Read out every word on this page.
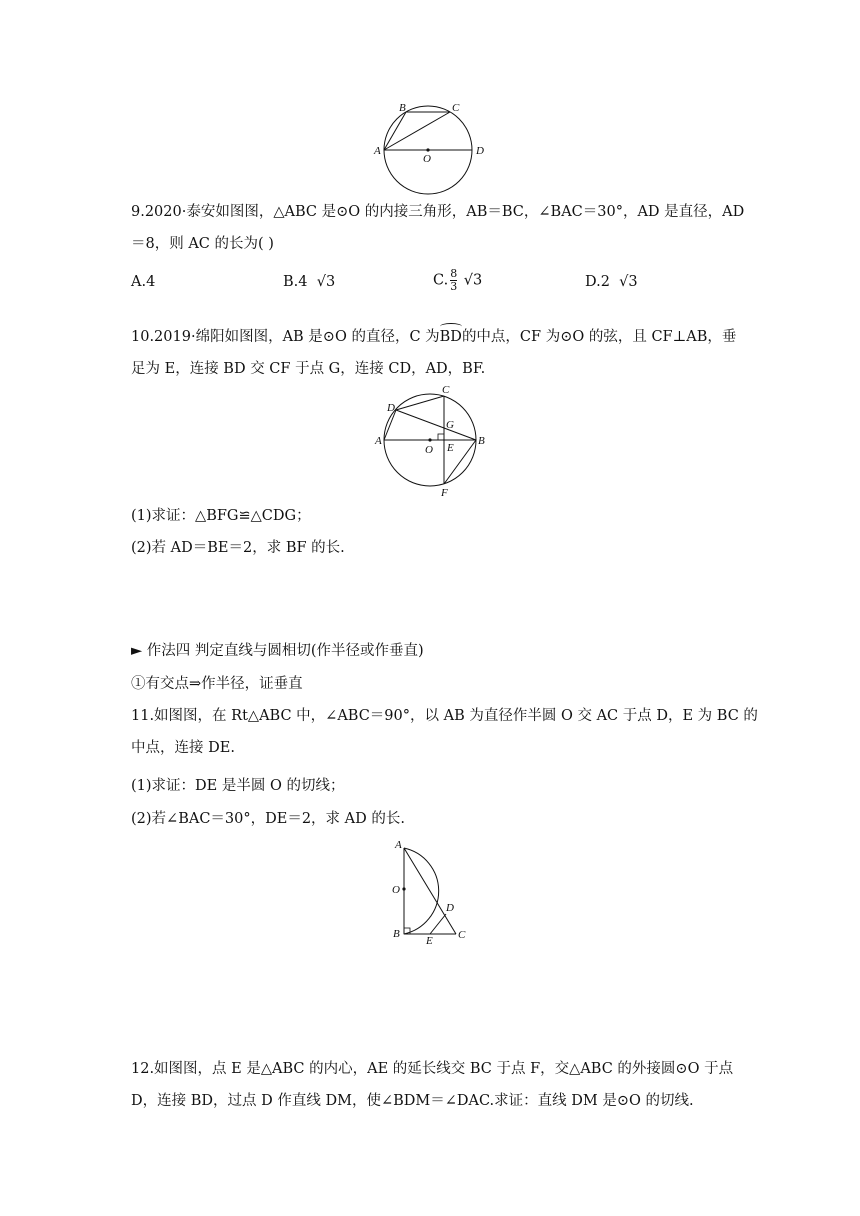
B	C
A
O
D
9.2020·泰安如图图，△ABC 是⊙O 的内接三角形，AB＝BC，∠BAC＝30°，AD 是直径，AD
＝8，则 AC 的长为( )
A.4	B.4 √3	C. $\frac{8}{3} √3$	D.2 √3
10.2019·绵阳如图图，AB 是⊙O 的直径，C 为BD的中点，CF 为⊙O 的弦，且 CF⊥AB，垂
足为 E，连接 BD 交 CF 于点 G，连接 CD，AD，BF.
C
D
G
A
O E
B
F
(1)求证：△BFG≌△CDG；
(2)若 AD＝BE＝2，求 BF 的长.
► 作法四 判定直线与圆相切(作半径或作垂直)
①有交点⇒作半径，证垂直
11.如图图，在 Rt△ABC 中，∠ABC＝90°，以 AB 为直径作半圆 O 交 AC 于点 D，E 为 BC 的
中点，连接 DE.
(1)求证：DE 是半圆 O 的切线；
(2)若∠BAC＝30°，DE＝2，求 AD 的长.
A
O
D
B
E C
12.如图图，点 E 是△ABC 的内心，AE 的延长线交 BC 于点 F，交△ABC 的外接圆⊙O 于点
D，连接 BD，过点 D 作直线 DM，使∠BDM＝∠DAC.求证：直线 DM 是⊙O 的切线.
